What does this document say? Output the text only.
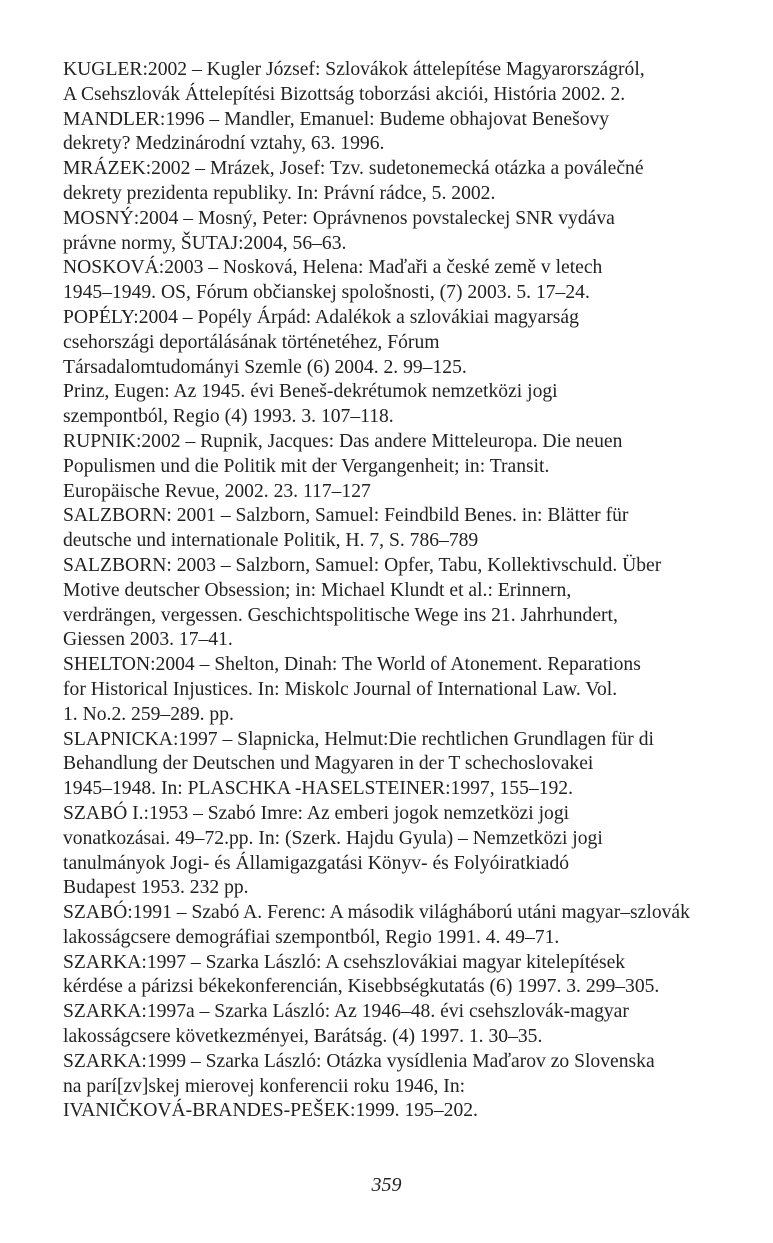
KUGLER:2002 – Kugler József: Szlovákok áttelepítése Magyarországról,
A Csehszlovák Áttelepítési Bizottság toborzási akciói, História 2002. 2.

MANDLER:1996 – Mandler, Emanuel: Budeme obhajovat Benešovy
dekrety? Medzinárodní vztahy, 63. 1996.

MRÁZEK:2002 – Mrázek, Josef: Tzv. sudetonemecká otázka a poválečné
dekrety prezidenta republiky. In: Právní rádce, 5. 2002.

MOSNÝ:2004 – Mosný, Peter: Oprávnenos povstaleckej SNR vydáva
právne normy, ŠUTAJ:2004, 56–63.

NOSKOVÁ:2003 – Nosková, Helena: Maďaři a české země v letech
1945–1949. OS, Fórum občianskej spološnosti, (7) 2003. 5. 17–24.

POPÉLY:2004 – Popély Árpád: Adalékok a szlovákiai magyarság
csehországi deportálásának történetéhez, Fórum
Társadalomtudományi Szemle (6) 2004. 2. 99–125.

Prinz, Eugen: Az 1945. évi Beneš-dekrétumok nemzetközi jogi
szempontból, Regio (4) 1993. 3. 107–118.

RUPNIK:2002 – Rupnik, Jacques: Das andere Mitteleuropa. Die neuen
Populismen und die Politik mit der Vergangenheit; in: Transit.
Europäische Revue, 2002. 23. 117–127

SALZBORN: 2001 – Salzborn, Samuel: Feindbild Benes. in: Blätter für
deutsche und internationale Politik, H. 7, S. 786–789

SALZBORN: 2003 – Salzborn, Samuel: Opfer, Tabu, Kollektivschuld. Über
Motive deutscher Obsession; in: Michael Klundt et al.: Erinnern,
verdrängen, vergessen. Geschichtspolitische Wege ins 21. Jahrhundert,
Giessen 2003. 17–41.

SHELTON:2004 – Shelton, Dinah: The World of Atonement. Reparations
for Historical Injustices. In: Miskolc Journal of International Law. Vol.
1. No.2. 259–289. pp.

SLAPNICKA:1997 – Slapnicka, Helmut:Die rechtlichen Grundlagen für di
Behandlung der Deutschen und Magyaren in der T schechoslovakei
1945–1948. In: PLASCHKA -HASELSTEINER:1997, 155–192.

SZABÓ I.:1953 – Szabó Imre: Az emberi jogok nemzetközi jogi
vonatkozásai. 49–72.pp. In: (Szerk. Hajdu Gyula) – Nemzetközi jogi
tanulmányok Jogi- és Államigazgatási Könyv- és Folyóiratkiadó
Budapest 1953. 232 pp.

SZABÓ:1991 – Szabó A. Ferenc: A második világháború utáni magyar–szlovák
lakosságcsere demográfiai szempontból, Regio 1991. 4. 49–71.

SZARKA:1997 – Szarka László: A csehszlovákiai magyar kitelepítések
kérdése a párizsi békekonferencián, Kisebbségkutatás (6) 1997. 3. 299–305.

SZARKA:1997a – Szarka László: Az 1946–48. évi csehszlovák-magyar
lakosságcsere következményei, Barátság. (4) 1997. 1. 30–35.

SZARKA:1999 – Szarka László: Otázka vysídlenia Maďarov zo Slovenska
na parí[zv]skej mierovej konferencii roku 1946, In:
IVANIČKOVÁ-BRANDES-PEŠEK:1999. 195–202.

359
